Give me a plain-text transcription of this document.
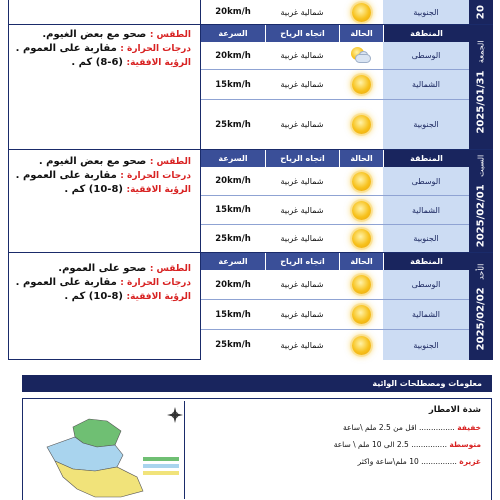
20
20km/h	شمالية غربية	الجنوبية
2025/01/31 الجمعة
الطقس : صحو مع بعض الغيوم.
درجات الحرارة : مقاربة على العموم .
الرؤية الافقية: (6-8) كم .
السرعة	اتجاه الرياح	الحالة	المنطقة
20km/h	شمالية غربية	الوسطى
15km/h	شمالية غربية	الشمالية
25km/h	شمالية غربية	الجنوبية
2025/02/01 السبت
الطقس : صحو مع بعض الغيوم .
درجات الحرارة : مقاربة على العموم .
الرؤية الافقية: (8-10) كم .
السرعة	اتجاه الرياح	الحالة	المنطقة
20km/h	شمالية غربية	الوسطى
15km/h	شمالية غربية	الشمالية
25km/h	شمالية غربية	الجنوبية
2025/02/02 الأحد
الطقس : صحو على العموم.
درجات الحرارة : مقاربة على العموم .
الرؤية الافقية: (8-10) كم .
السرعة	اتجاه الرياح	الحالة	المنطقة
20km/h	شمالية غربية	الوسطى
15km/h	شمالية غربية	الشمالية
25km/h	شمالية غربية	الجنوبية
معلومات ومصطلحات الوائية
شدة الامطار
خفيفة ............... اقل من 2.5 ملم \ساعة
متوسطة ............... 2.5 الى 10 ملم \ ساعة
غزيرة ............... 10 ملم\ساعة واكثر
